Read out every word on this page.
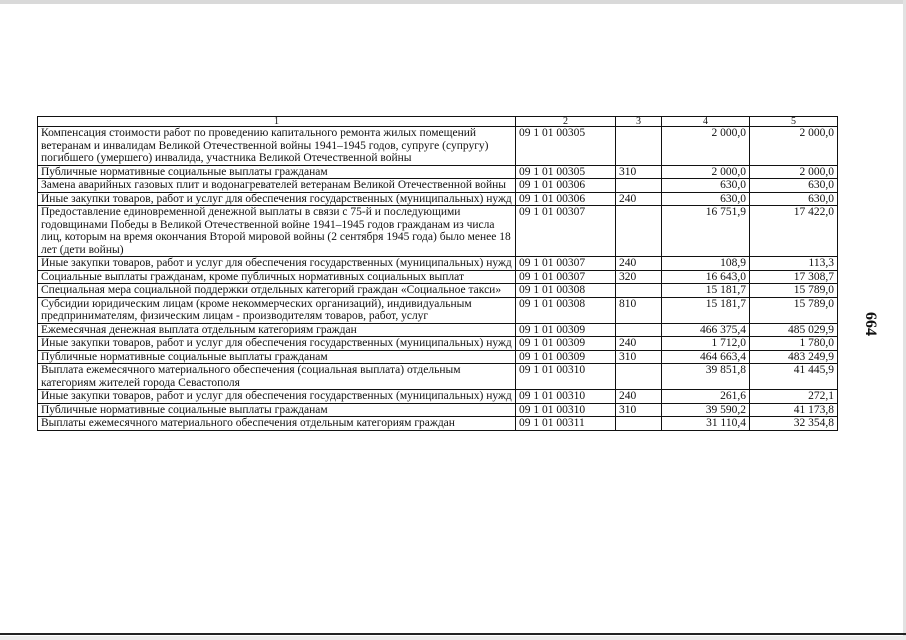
1	2	3	4	5
Компенсация стоимости работ по проведению капитального ремонта жилых помещений ветеранам и инвалидам Великой Отечественной войны 1941–1945 годов, супруге (супругу) погибшего (умершего) инвалида, участника Великой Отечественной войны	09 1 01 00305		2 000,0	2 000,0
Публичные нормативные социальные выплаты гражданам	09 1 01 00305	310	2 000,0	2 000,0
Замена аварийных газовых плит и водонагревателей ветеранам Великой Отечественной войны	09 1 01 00306		630,0	630,0
Иные закупки товаров, работ и услуг для обеспечения государственных (муниципальных) нужд	09 1 01 00306	240	630,0	630,0
Предоставление единовременной денежной выплаты в связи с 75-й и последующими годовщинами Победы в Великой Отечественной войне 1941–1945 годов гражданам из числа лиц, которым на время окончания Второй мировой войны (2 сентября 1945 года) было менее 18 лет (дети войны)	09 1 01 00307		16 751,9	17 422,0
Иные закупки товаров, работ и услуг для обеспечения государственных (муниципальных) нужд	09 1 01 00307	240	108,9	113,3
Социальные выплаты гражданам, кроме публичных нормативных социальных выплат	09 1 01 00307	320	16 643,0	17 308,7
Специальная мера социальной поддержки отдельных категорий граждан «Социальное такси»	09 1 01 00308		15 181,7	15 789,0
Субсидии юридическим лицам (кроме некоммерческих организаций), индивидуальным предпринимателям, физическим лицам - производителям товаров, работ, услуг	09 1 01 00308	810	15 181,7	15 789,0
Ежемесячная денежная выплата отдельным категориям граждан	09 1 01 00309		466 375,4	485 029,9
Иные закупки товаров, работ и услуг для обеспечения государственных (муниципальных) нужд	09 1 01 00309	240	1 712,0	1 780,0
Публичные нормативные социальные выплаты гражданам	09 1 01 00309	310	464 663,4	483 249,9
Выплата ежемесячного материального обеспечения (социальная выплата) отдельным категориям жителей города Севастополя	09 1 01 00310		39 851,8	41 445,9
Иные закупки товаров, работ и услуг для обеспечения государственных (муниципальных) нужд	09 1 01 00310	240	261,6	272,1
Публичные нормативные социальные выплаты гражданам	09 1 01 00310	310	39 590,2	41 173,8
Выплаты ежемесячного материального обеспечения отдельным категориям граждан	09 1 01 00311		31 110,4	32 354,8
664
